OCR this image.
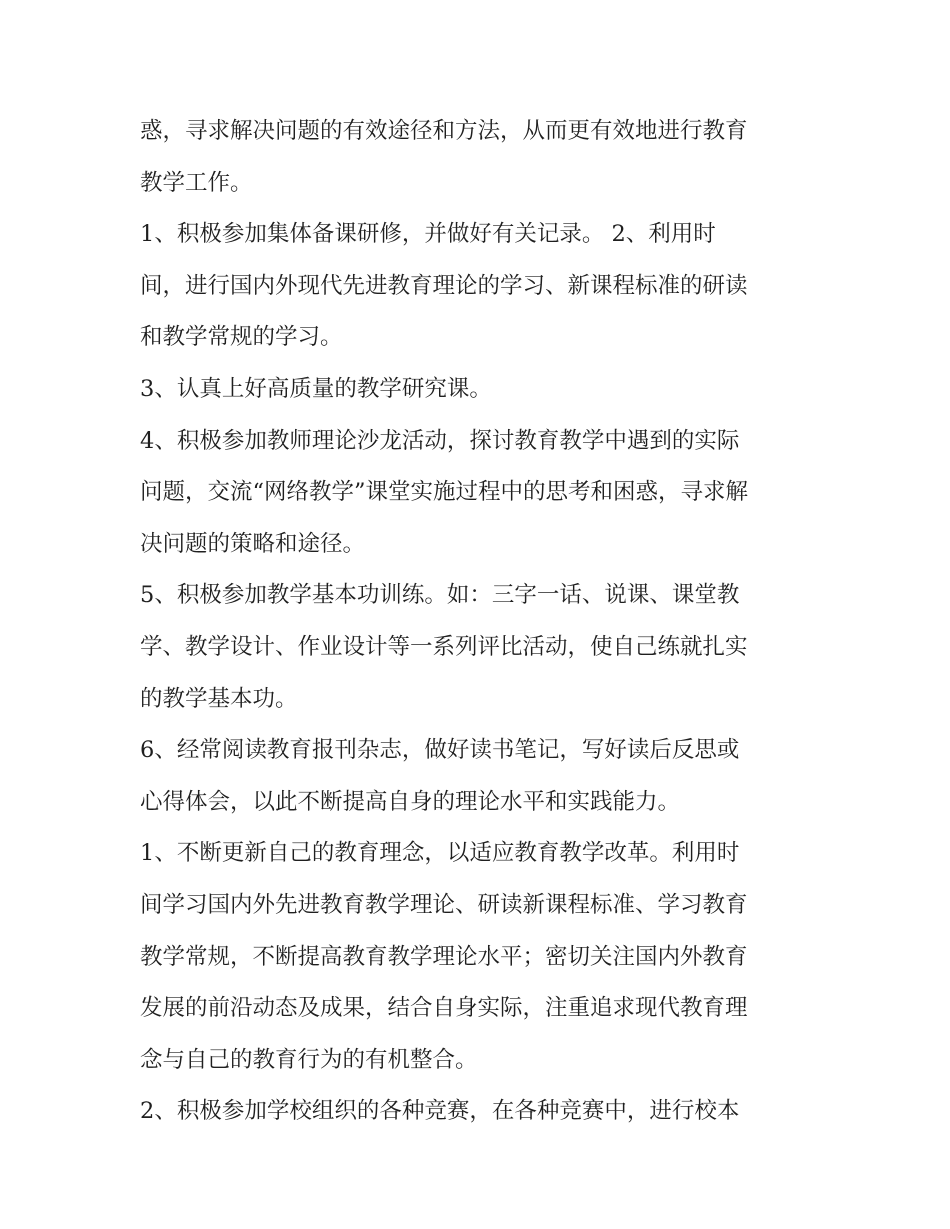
惑，寻求解决问题的有效途径和方法，从而更有效地进行教育
教学工作。
1、积极参加集体备课研修，并做好有关记录。 2、利用时
间，进行国内外现代先进教育理论的学习、新课程标准的研读
和教学常规的学习。
3、认真上好高质量的教学研究课。
4、积极参加教师理论沙龙活动，探讨教育教学中遇到的实际
问题，交流“网络教学”课堂实施过程中的思考和困惑，寻求解
决问题的策略和途径。
5、积极参加教学基本功训练。如：三字一话、说课、课堂教
学、教学设计、作业设计等一系列评比活动，使自己练就扎实
的教学基本功。
6、经常阅读教育报刊杂志，做好读书笔记，写好读后反思或
心得体会，以此不断提高自身的理论水平和实践能力。
1、不断更新自己的教育理念，以适应教育教学改革。利用时
间学习国内外先进教育教学理论、研读新课程标准、学习教育
教学常规，不断提高教育教学理论水平；密切关注国内外教育
发展的前沿动态及成果，结合自身实际，注重追求现代教育理
念与自己的教育行为的有机整合。
2、积极参加学校组织的各种竞赛，在各种竞赛中，进行校本
